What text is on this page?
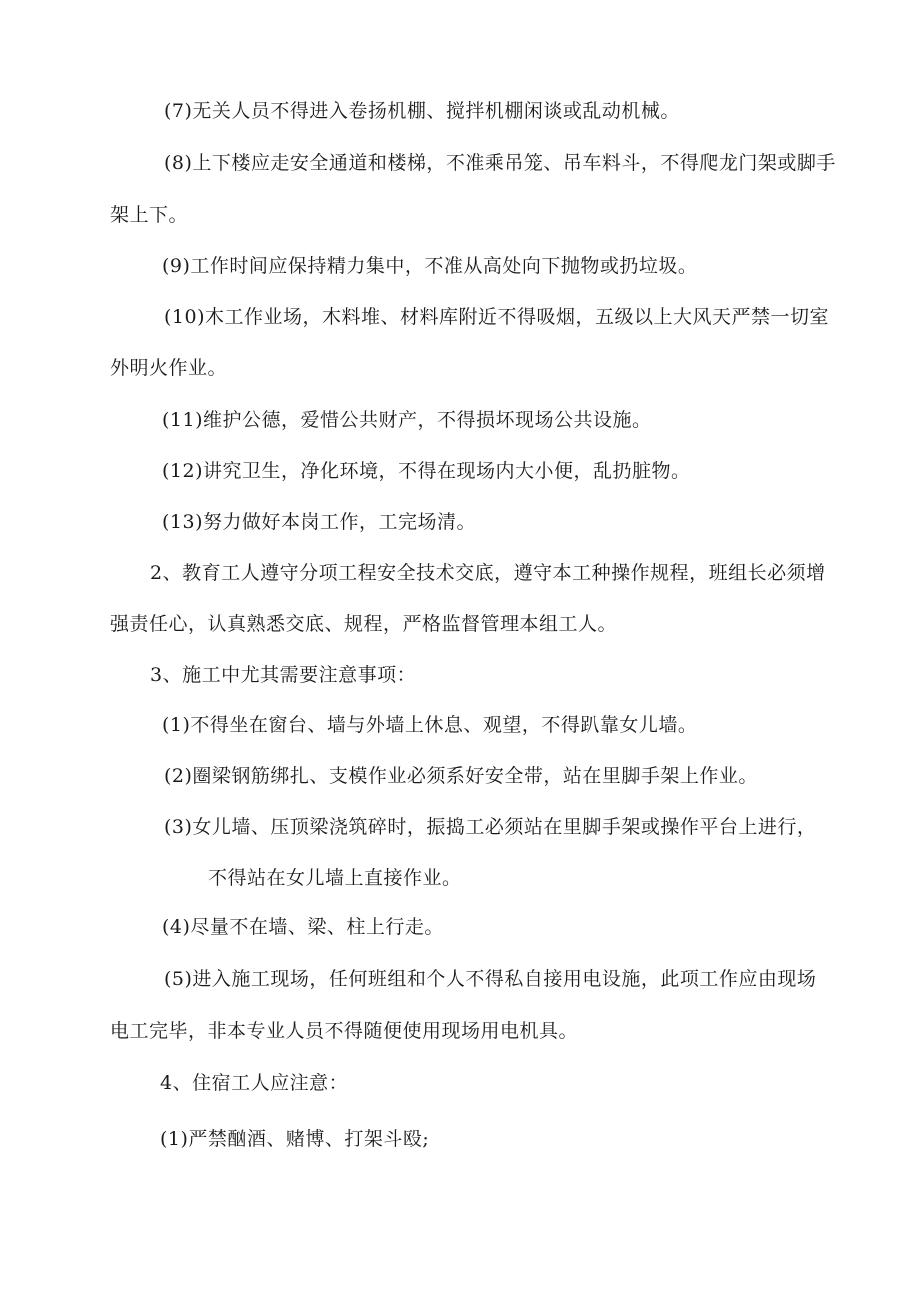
(7)无关人员不得进入卷扬机棚、搅拌机棚闲谈或乱动机械。
(8)上下楼应走安全通道和楼梯，不准乘吊笼、吊车料斗，不得爬龙门架或脚手
架上下。
(9)工作时间应保持精力集中，不准从高处向下抛物或扔垃圾。
(10)木工作业场，木料堆、材料库附近不得吸烟，五级以上大风天严禁一切室
外明火作业。
(11)维护公德，爱惜公共财产，不得损坏现场公共设施。
(12)讲究卫生，净化环境，不得在现场内大小便，乱扔脏物。
(13)努力做好本岗工作，工完场清。
2、教育工人遵守分项工程安全技术交底，遵守本工种操作规程，班组长必须增
强责任心，认真熟悉交底、规程，严格监督管理本组工人。
3、施工中尤其需要注意事项：
(1)不得坐在窗台、墙与外墙上休息、观望，不得趴靠女儿墙。
(2)圈梁钢筋绑扎、支模作业必须系好安全带，站在里脚手架上作业。
(3)女儿墙、压顶梁浇筑碎时，振捣工必须站在里脚手架或操作平台上进行，
不得站在女儿墙上直接作业。
(4)尽量不在墙、梁、柱上行走。
(5)进入施工现场，任何班组和个人不得私自接用电设施，此项工作应由现场
电工完毕，非本专业人员不得随便使用现场用电机具。
4、住宿工人应注意：
(1)严禁酗酒、赌博、打架斗殴;
